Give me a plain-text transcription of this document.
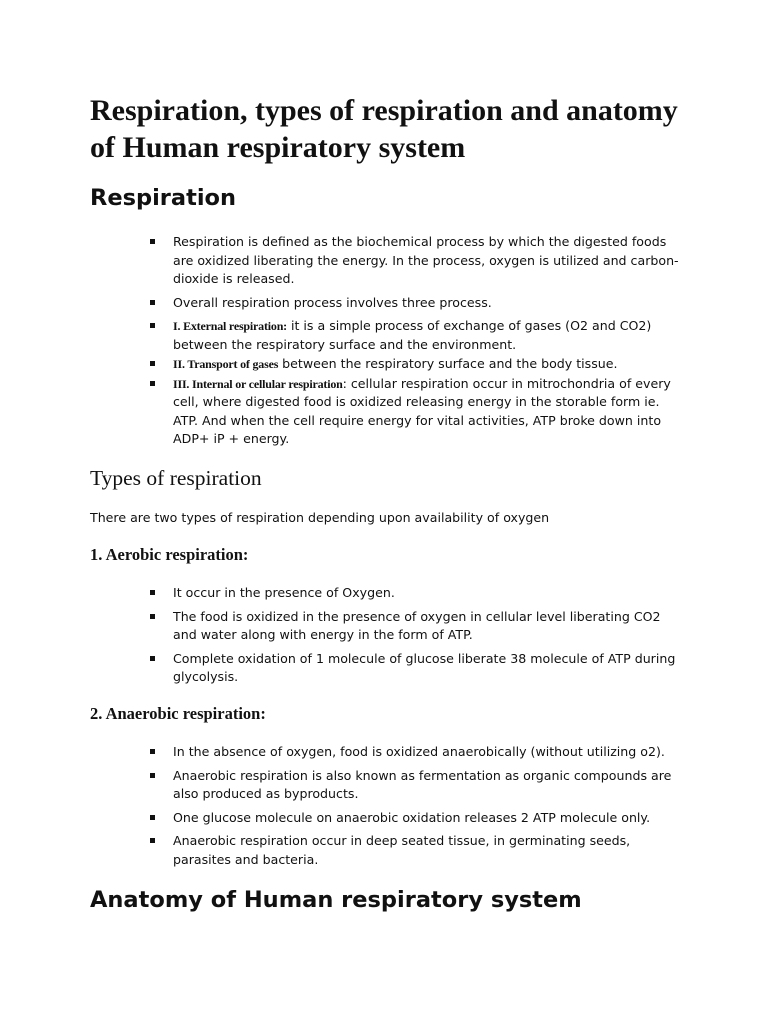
Respiration, types of respiration and anatomy of Human respiratory system
Respiration
Respiration is defined as the biochemical process by which the digested foods are oxidized liberating the energy. In the process, oxygen is utilized and carbon-dioxide is released.
Overall respiration process involves three process.
I. External respiration: it is a simple process of exchange of gases (O2 and CO2) between the respiratory surface and the environment.
II. Transport of gases between the respiratory surface and the body tissue.
III. Internal or cellular respiration: cellular respiration occur in mitrochondria of every cell, where digested food is oxidized releasing energy in the storable form ie. ATP. And when the cell require energy for vital activities, ATP broke down into ADP+ iP + energy.
Types of respiration

There are two types of respiration depending upon availability of oxygen

1. Aerobic respiration:
It occur in the presence of Oxygen.
The food is oxidized in the presence of oxygen in cellular level liberating CO2 and water along with energy in the form of ATP.
Complete oxidation of 1 molecule of glucose liberate 38 molecule of ATP during glycolysis.
2. Anaerobic respiration:
In the absence of oxygen, food is oxidized anaerobically (without utilizing o2).
Anaerobic respiration is also known as fermentation as organic compounds are also produced as byproducts.
One glucose molecule on anaerobic oxidation releases 2 ATP molecule only.
Anaerobic respiration occur in deep seated tissue, in germinating seeds, parasites and bacteria.
Anatomy of Human respiratory system
